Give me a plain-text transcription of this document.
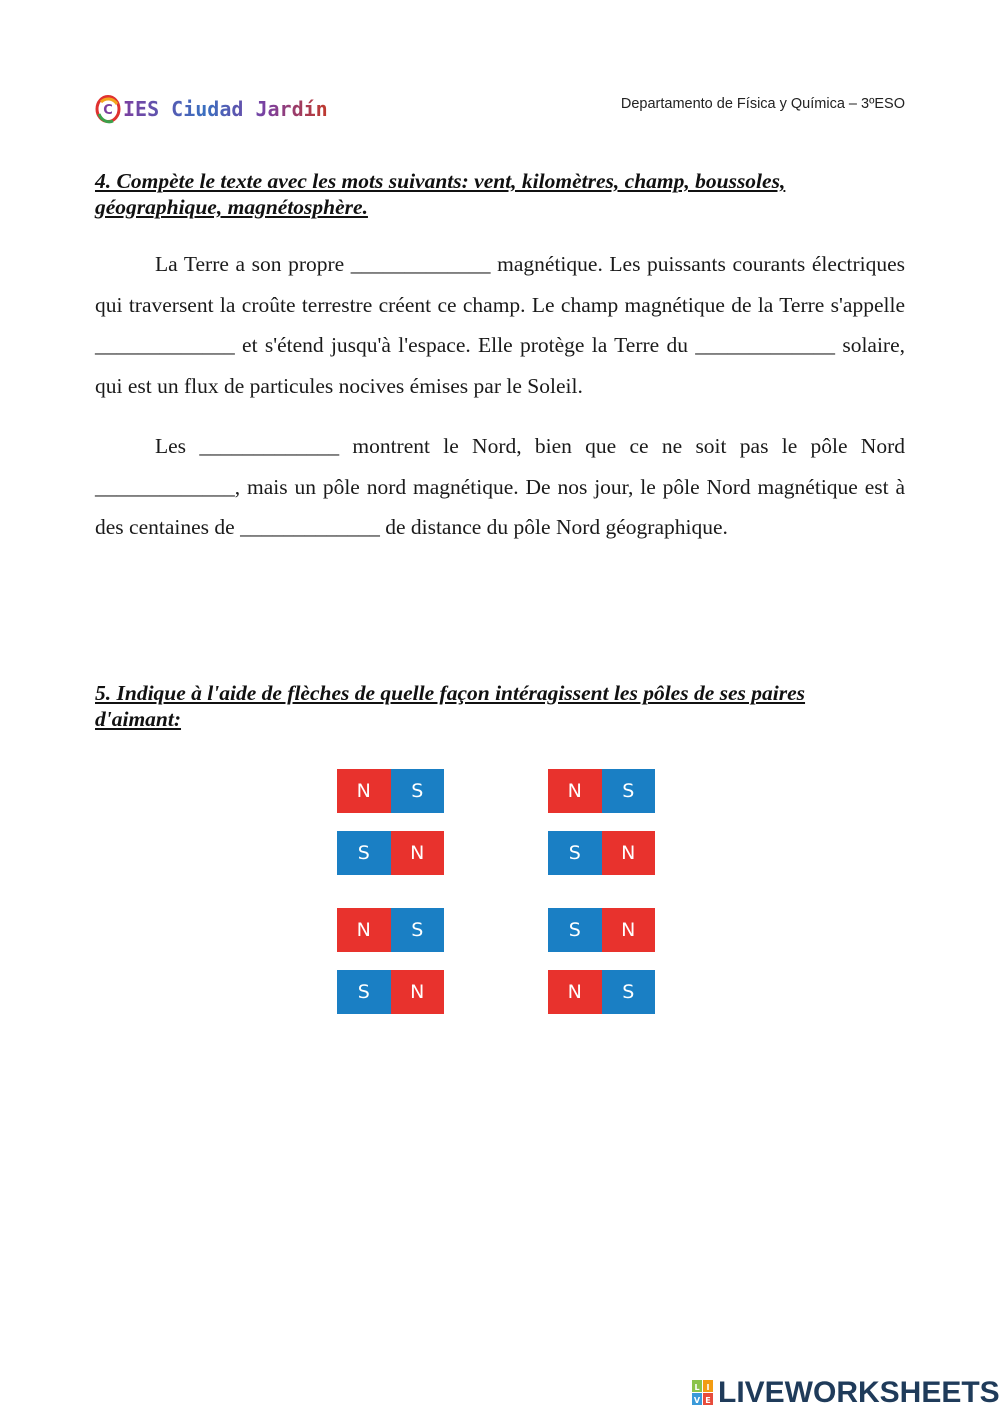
C IES Ciudad Jardín	Departamento de Física y Química – 3ºESO
4. Compète le texte avec les mots suivants: vent, kilomètres, champ, boussoles,
géographique, magnétosphère.
La Terre a son propre _____________ magnétique. Les puissants courants électriques qui traversent la croûte terrestre créent ce champ. Le champ magnétique de la Terre s'appelle _____________ et s'étend jusqu'à l'espace. Elle protège la Terre du _____________ solaire, qui est un flux de particules nocives émises par le Soleil.
Les _____________ montrent le Nord, bien que ce ne soit pas le pôle Nord _____________, mais un pôle nord magnétique. De nos jour, le pôle Nord magnétique est à des centaines de _____________ de distance du pôle Nord géographique.
5. Indique à l'aide de flèches de quelle façon intéragissent les pôles de ses paires
d'aimant:
N	S
S	N
N	S
S	N
N	S
S	N
S	N
N	S
L I
V E LIVEWORKSHEETS
